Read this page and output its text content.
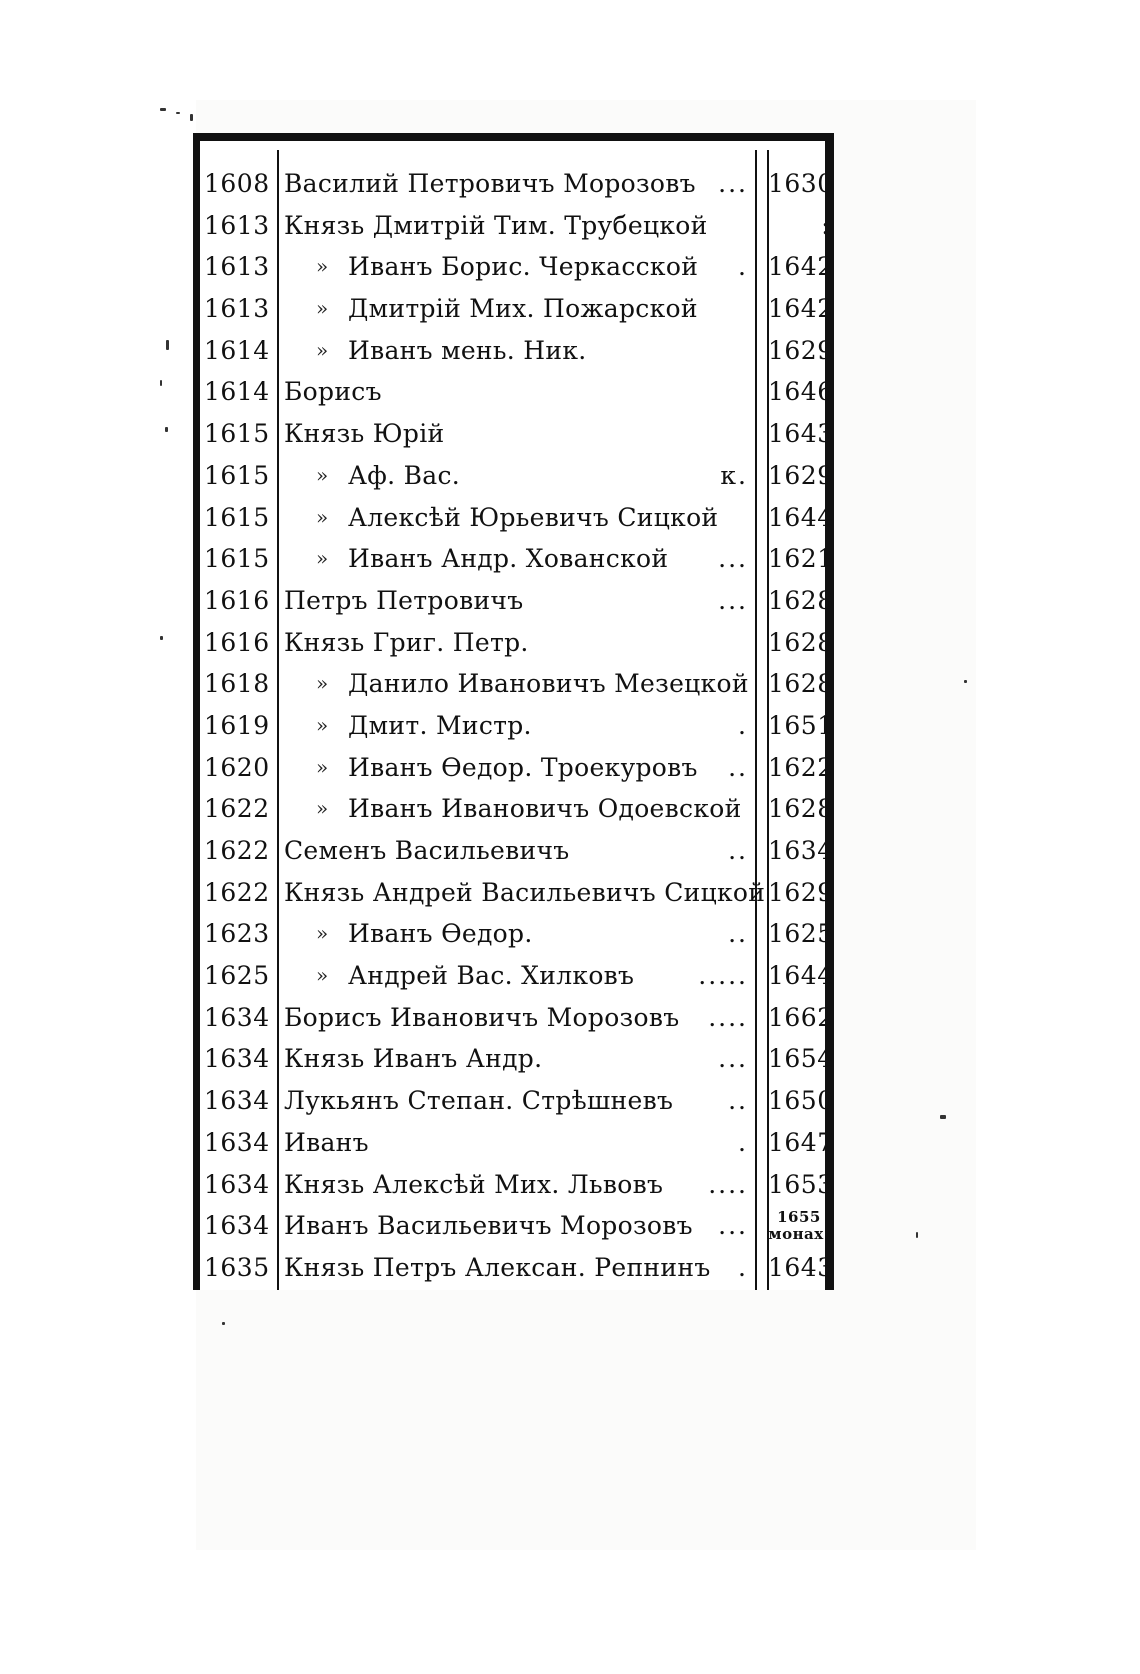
1608 Василий Петровичъ Морозовъ ... 1630
1613 Князь Дмитрій Тим. Трубецкой	:
1613	» Иванъ Борис. Черкасской	. 1642
1613	» Дмитрій Мих. Пожарской	1642
1614	» Иванъ мень. Ник.	1629
1614 Борисъ	1646
1615 Князь Юрій	1643
1615	» Аф. Вас.	к. 1629
1615	» Алексѣй Юрьевичъ Сицкой	1644
1615	» Иванъ Андр. Хованской	... 1621
1616 Петръ Петровичъ	... 1628
1616 Князь Григ. Петр.	1628
1618	» Данило Ивановичъ Мезецкой 1628
1619	» Дмит. Мистр.	. 1651
1620	» Иванъ Ѳедор. Троекуровъ	.. 1622
1622	» Иванъ Ивановичъ Одоевской	1628
1622 Семенъ Васильевичъ	.. 1634
1622 Князь Андрей Васильевичъ Сицкой 1629
1623	» Иванъ Ѳедор.	.. 1625
1625	» Андрей Вас. Хилковъ	..... 1644
1634 Борисъ Ивановичъ Морозовъ	.... 1662
1634 Князь Иванъ Андр.	... 1654
1634 Лукьянъ Степан. Стрѣшневъ	.. 1650
1634 Иванъ	. 1647
1634 Князь Алексѣй Мих. Львовъ	.... 1653
1634 Иванъ Васильевичъ Морозовъ	...	1655
монах.
1635 Князь Петръ Алексан. Репнинъ	. 1643
